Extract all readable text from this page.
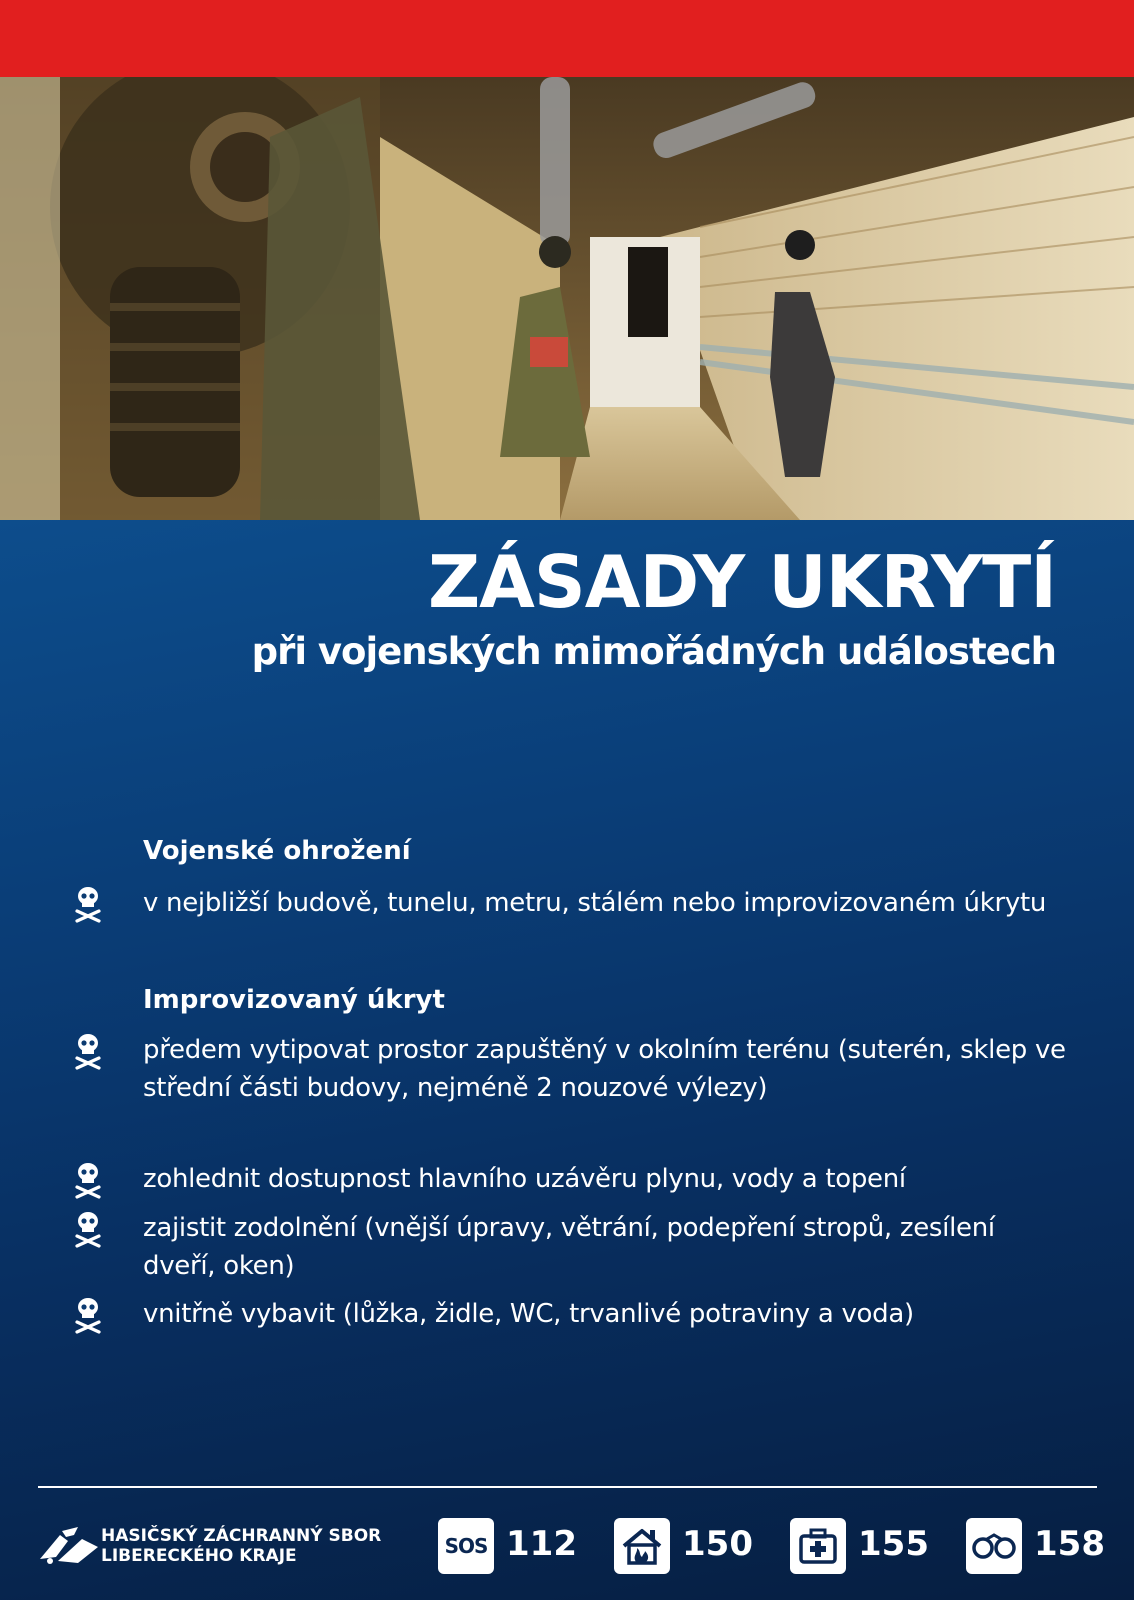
ZÁSADY UKRYTÍ
při vojenských mimořádných událostech
Vojenské ohrožení
v nejbližší budově, tunelu, metru, stálém nebo improvizovaném úkrytu
Improvizovaný úkryt
předem vytipovat prostor zapuštěný v okolním terénu (suterén, sklep ve střední části budovy, nejméně 2 nouzové výlezy)
zohlednit dostupnost hlavního uzávěru plynu, vody a topení
zajistit zodolnění (vnější úpravy, větrání, podepření stropů, zesílení dveří, oken)
vnitřně vybavit (lůžka, židle, WC, trvanlivé potraviny a voda)

HASIČSKÝ ZÁCHRANNÝ SBOR
LIBERECKÉHO KRAJE	SOS 112	150	155	158
